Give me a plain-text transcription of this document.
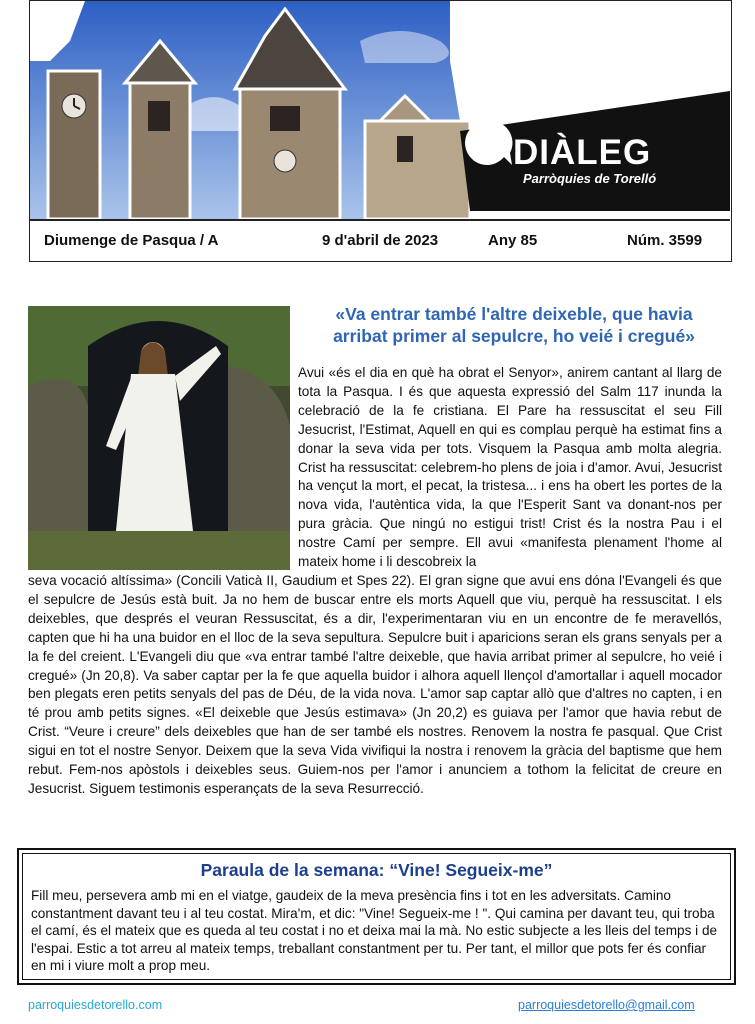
DIÀLEG
Parròquies de Torelló
Diumenge de Pasqua / A	9 d'abril de 2023	Any 85	Núm. 3599
«Va entrar també l'altre deixeble, que havia
arribat primer al sepulcre, ho veié i cregué»

Avui «és el dia en què ha obrat el Senyor», anirem cantant al llarg de tota la Pasqua. I és que aquesta expressió del Salm 117 inunda la celebració de la fe cristiana. El Pare ha ressuscitat el seu Fill Jesucrist, l'Estimat, Aquell en qui es complau perquè ha estimat fins a donar la seva vida per tots. Visquem la Pasqua amb molta alegria. Crist ha ressuscitat: celebrem-ho plens de joia i d'amor. Avui, Jesucrist ha vençut la mort, el pecat, la tristesa... i ens ha obert les portes de la nova vida, l'autèntica vida, la que l'Esperit Sant va donant-nos per pura gràcia. Que ningú no estigui trist! Crist és la nostra Pau i el nostre Camí per sempre. Ell avui «manifesta plenament l'home al mateix home i li descobreix la

seva vocació altíssima» (Concili Vaticà II, Gaudium et Spes 22). El gran signe que avui ens dóna l'Evangeli és que el sepulcre de Jesús està buit. Ja no hem de buscar entre els morts Aquell que viu, perquè ha ressuscitat. I els deixebles, que després el veuran Ressuscitat, és a dir, l'experimentaran viu en un encontre de fe meravellós, capten que hi ha una buidor en el lloc de la seva sepultura. Sepulcre buit i aparicions seran els grans senyals per a la fe del creient. L'Evangeli diu que «va entrar també l'altre deixeble, que havia arribat primer al sepulcre, ho veié i cregué» (Jn 20,8). Va saber captar per la fe que aquella buidor i alhora aquell llençol d'amortallar i aquell mocador ben plegats eren petits senyals del pas de Déu, de la vida nova. L'amor sap captar allò que d'altres no capten, i en té prou amb petits signes. «El deixeble que Jesús estimava» (Jn 20,2) es guiava per l'amor que havia rebut de Crist. “Veure i creure” dels deixebles que han de ser també els nostres. Renovem la nostra fe pasqual. Que Crist sigui en tot el nostre Senyor. Deixem que la seva Vida vivifiqui la nostra i renovem la gràcia del baptisme que hem rebut. Fem-nos apòstols i deixebles seus. Guiem-nos per l'amor i anunciem a tothom la felicitat de creure en Jesucrist. Siguem testimonis esperançats de la seva Resurrecció.

Paraula de la semana: “Vine! Segueix-me”

Fill meu, persevera amb mi en el viatge, gaudeix de la meva presència fins i tot en les adversitats. Camino constantment davant teu i al teu costat. Mira'm, et dic: "Vine! Segueix-me ! ". Qui camina per davant teu, qui troba el camí, és el mateix que es queda al teu costat i no et deixa mai la mà. No estic subjecte a les lleis del temps i de l'espai. Estic a tot arreu al mateix temps, treballant constantment per tu. Per tant, el millor que pots fer és confiar en mi i viure molt a prop meu.

parroquiesdetorello.com	parroquiesdetorello@gmail.com
